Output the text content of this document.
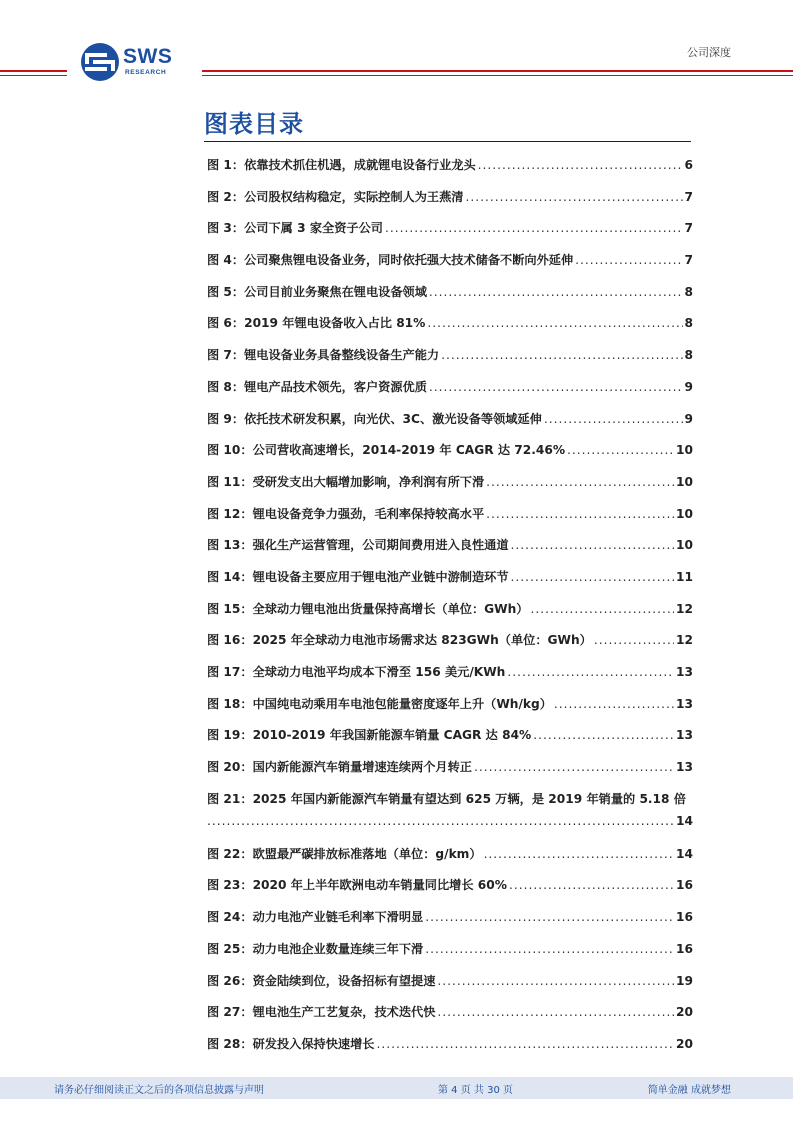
SWS
RESEARCH
公司深度
图表目录
图 1：依靠技术抓住机遇，成就锂电设备行业龙头 .....	6
图 2：公司股权结构稳定，实际控制人为王燕清 .....	7
图 3：公司下属 3 家全资子公司 .....	7
图 4：公司聚焦锂电设备业务，同时依托强大技术储备不断向外延伸 .....	7
图 5：公司目前业务聚焦在锂电设备领域 .....	8
图 6：2019 年锂电设备收入占比 81% .....	8
图 7：锂电设备业务具备整线设备生产能力 .....	8
图 8：锂电产品技术领先，客户资源优质 .....	9
图 9：依托技术研发积累，向光伏、3C、激光设备等领域延伸 .....	9
图 10：公司营收高速增长，2014-2019 年 CAGR 达 72.46% .....	10
图 11：受研发支出大幅增加影响，净利润有所下滑 .....	10
图 12：锂电设备竞争力强劲，毛利率保持较高水平 .....	10
图 13：强化生产运营管理，公司期间费用进入良性通道 .....	10
图 14：锂电设备主要应用于锂电池产业链中游制造环节 .....	11
图 15：全球动力锂电池出货量保持高增长（单位：GWh） .....	12
图 16：2025 年全球动力电池市场需求达 823GWh（单位：GWh） .....	12
图 17：全球动力电池平均成本下滑至 156 美元/KWh .....	13
图 18：中国纯电动乘用车电池包能量密度逐年上升（Wh/kg） .....	13
图 19：2010-2019 年我国新能源车销量 CAGR 达 84% .....	13
图 20：国内新能源汽车销量增速连续两个月转正 .....	13
图 21：2025 年国内新能源汽车销量有望达到 625 万辆，是 2019 年销量的 5.18 倍
.....
14
图 22：欧盟最严碳排放标准落地（单位：g/km） .....	14
图 23：2020 年上半年欧洲电动车销量同比增长 60% .....	16
图 24：动力电池产业链毛利率下滑明显 .....	16
图 25：动力电池企业数量连续三年下滑 .....	16
图 26：资金陆续到位，设备招标有望提速 .....	19
图 27：锂电池生产工艺复杂，技术迭代快 .....	20
图 28：研发投入保持快速增长 .....	20
请务必仔细阅读正文之后的各项信息披露与声明	第 4 页 共 30 页	简单金融 成就梦想
